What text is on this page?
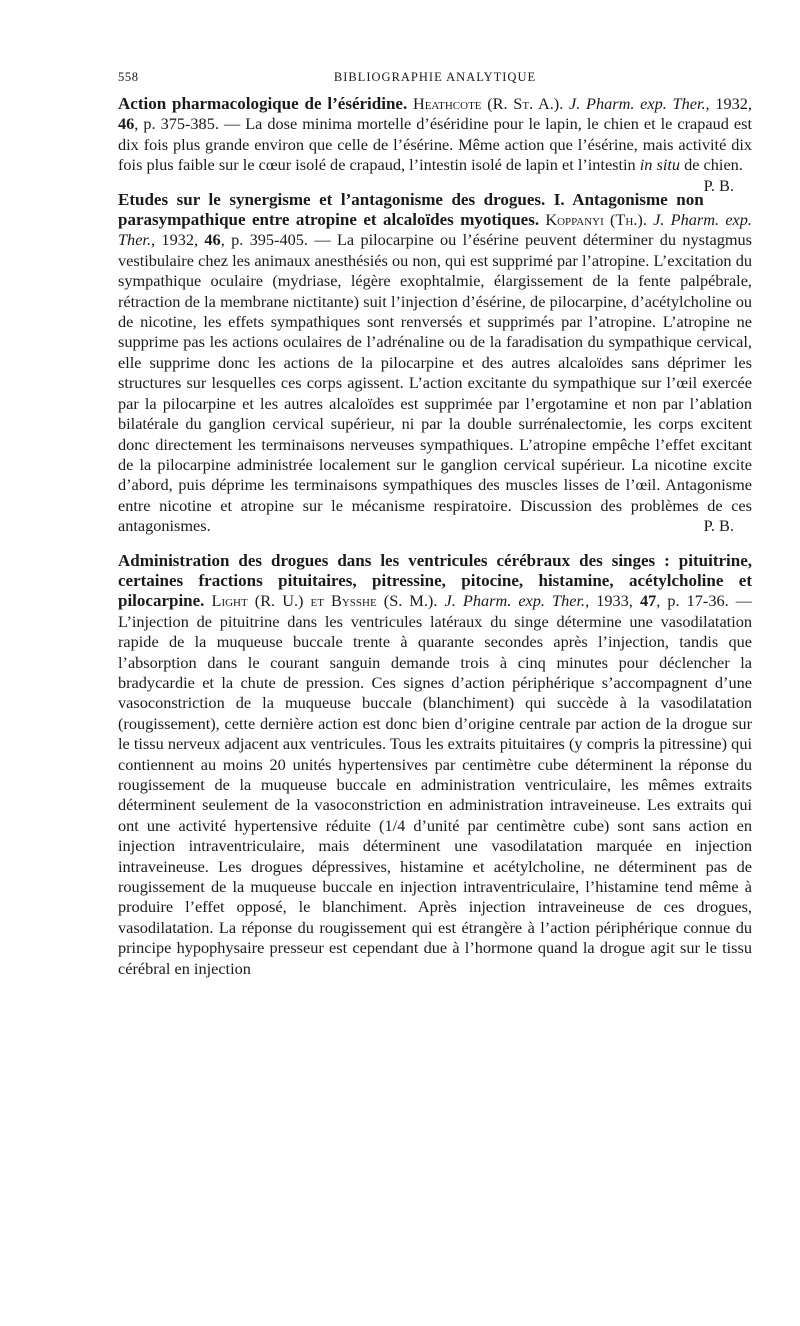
558	BIBLIOGRAPHIE ANALYTIQUE
Action pharmacologique de l’éséridine. Heathcote (R. St. A.). J. Pharm. exp. Ther., 1932, 46, p. 375-385. — La dose minima mortelle d’éséridine pour le lapin, le chien et le crapaud est dix fois plus grande environ que celle de l’ésérine. Même action que l’ésérine, mais activité dix fois plus faible sur le cœur isolé de crapaud, l’intestin isolé de lapin et l’intestin in situ de chien.
P. B.
Etudes sur le synergisme et l’antagonisme des drogues. I. Antagonisme non parasympathique entre atropine et alcaloïdes myotiques. Koppanyi (Th.). J. Pharm. exp. Ther., 1932, 46, p. 395-405. — La pilocarpine ou l’ésérine peuvent déterminer du nystagmus vestibulaire chez les animaux anesthésiés ou non, qui est supprimé par l’atropine. L’excitation du sympathique oculaire (mydriase, légère exophtalmie, élargissement de la fente palpébrale, rétraction de la membrane nictitante) suit l’injection d’ésérine, de pilocarpine, d’acétylcholine ou de nicotine, les effets sympathiques sont renversés et supprimés par l’atropine. L’atropine ne supprime pas les actions oculaires de l’adrénaline ou de la faradisation du sympathique cervical, elle supprime donc les actions de la pilocarpine et des autres alcaloïdes sans déprimer les structures sur lesquelles ces corps agissent. L’action excitante du sympathique sur l’œil exercée par la pilocarpine et les autres alcaloïdes est supprimée par l’ergotamine et non par l’ablation bilatérale du ganglion cervical supérieur, ni par la double surrénalectomie, les corps excitent donc directement les terminaisons nerveuses sympathiques. L’atropine empêche l’effet excitant de la pilocarpine administrée localement sur le ganglion cervical supérieur. La nicotine excite d’abord, puis déprime les terminaisons sympathiques des muscles lisses de l’œil. Antagonisme entre nicotine et atropine sur le mécanisme respiratoire. Discussion des problèmes de ces antagonismes.	P. B.
Administration des drogues dans les ventricules cérébraux des singes : pituitrine, certaines fractions pituitaires, pitressine, pitocine, histamine, acétylcholine et pilocarpine. Light (R. U.) et Bysshe (S. M.). J. Pharm. exp. Ther., 1933, 47, p. 17-36. — L’injection de pituitrine dans les ventricules latéraux du singe détermine une vasodilatation rapide de la muqueuse buccale trente à quarante secondes après l’injection, tandis que l’absorption dans le courant sanguin demande trois à cinq minutes pour déclencher la bradycardie et la chute de pression. Ces signes d’action périphérique s’accompagnent d’une vasoconstriction de la muqueuse buccale (blanchiment) qui succède à la vasodilatation (rougissement), cette dernière action est donc bien d’origine centrale par action de la drogue sur le tissu nerveux adjacent aux ventricules. Tous les extraits pituitaires (y compris la pitressine) qui contiennent au moins 20 unités hypertensives par centimètre cube déterminent la réponse du rougissement de la muqueuse buccale en administration ventriculaire, les mêmes extraits déterminent seulement de la vasoconstriction en administration intraveineuse. Les extraits qui ont une activité hypertensive réduite (1/4 d’unité par centimètre cube) sont sans action en injection intraventriculaire, mais déterminent une vasodilatation marquée en injection intraveineuse. Les drogues dépressives, histamine et acétylcholine, ne déterminent pas de rougissement de la muqueuse buccale en injection intraventriculaire, l’histamine tend même à produire l’effet opposé, le blanchiment. Après injection intraveineuse de ces drogues, vasodilatation. La réponse du rougissement qui est étrangère à l’action périphérique connue du principe hypophysaire presseur est cependant due à l’hormone quand la drogue agit sur le tissu cérébral en injection
